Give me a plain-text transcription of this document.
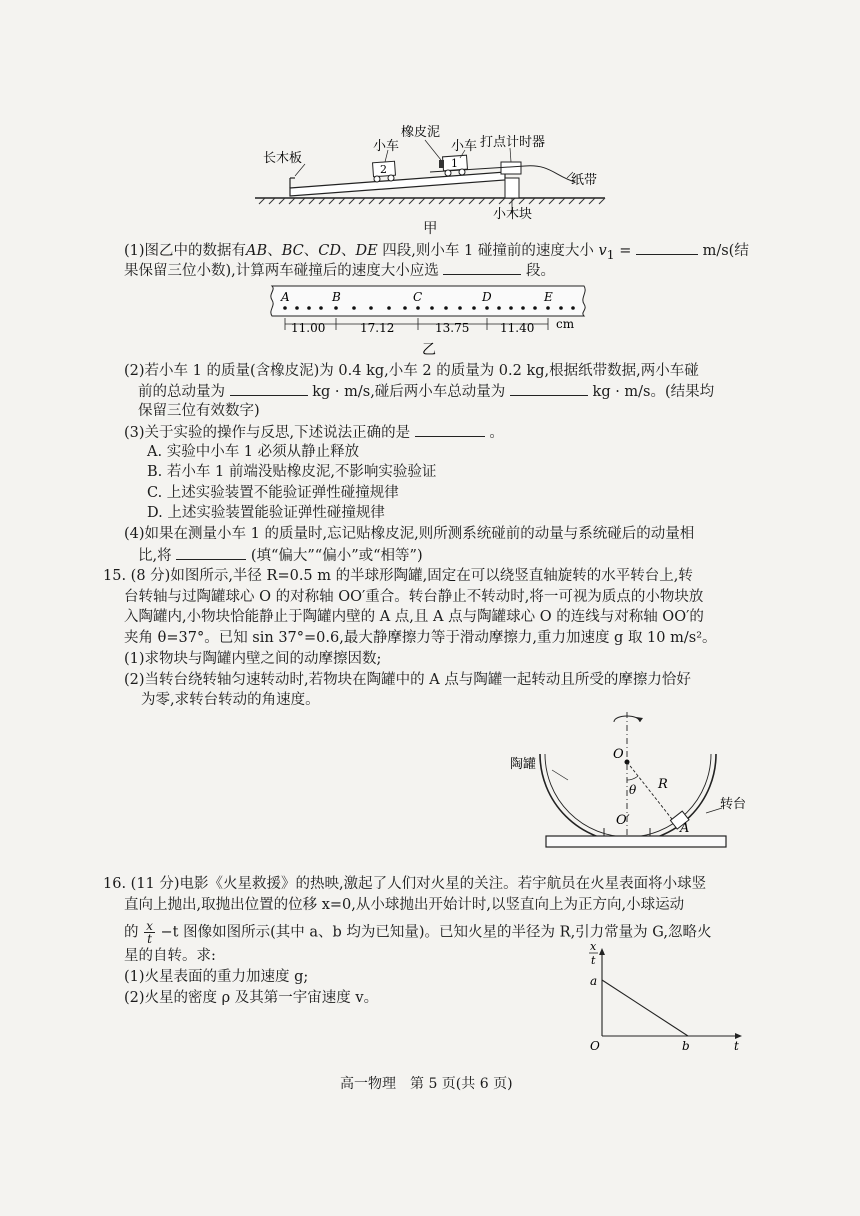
长木板
小车
橡皮泥
小车 打点计时器
纸带
小木块
2	1
甲
(1)图乙中的数据有AB、BC、CD、DE 四段,则小车 1 碰撞前的速度大小 $v_1$ =	m/s(结
果保留三位小数),计算两车碰撞后的速度大小应选	段。
A	B	C	D	E
11.00	17.12	13.75	11.40 cm
乙
(2)若小车 1 的质量(含橡皮泥)为 0.4 kg,小车 2 的质量为 0.2 kg,根据纸带数据,两小车碰
前的总动量为	kg · m/s,碰后两小车总动量为	kg · m/s。(结果均
保留三位有效数字)
(3)关于实验的操作与反思,下述说法正确的是	。
A. 实验中小车 1 必须从静止释放
B. 若小车 1 前端没贴橡皮泥,不影响实验验证
C. 上述实验装置不能验证弹性碰撞规律
D. 上述实验装置能验证弹性碰撞规律
(4)如果在测量小车 1 的质量时,忘记贴橡皮泥,则所测系统碰前的动量与系统碰后的动量相
比,将	(填“偏大”“偏小”或“相等”)
15. (8 分)如图所示,半径 R=0.5 m 的半球形陶罐,固定在可以绕竖直轴旋转的水平转台上,转
台转轴与过陶罐球心 O 的对称轴 OO′重合。转台静止不转动时,将一可视为质点的小物块放
入陶罐内,小物块恰能静止于陶罐内壁的 A 点,且 A 点与陶罐球心 O 的连线与对称轴 OO′的
夹角 θ=37°。已知 sin 37°=0.6,最大静摩擦力等于滑动摩擦力,重力加速度 g 取 10 m/s²。
(1)求物块与陶罐内壁之间的动摩擦因数;
(2)当转台绕转轴匀速转动时,若物块在陶罐中的 A 点与陶罐一起转动且所受的摩擦力恰好
为零,求转台转动的角速度。
O
θ R
陶罐
O′
A
转台
16. (11 分)电影《火星救援》的热映,激起了人们对火星的关注。若宇航员在火星表面将小球竖
直向上抛出,取抛出位置的位移 x=0,从小球抛出开始计时,以竖直向上为正方向,小球运动
的 $\frac{x}{t} -t$ 图像如图所示(其中 a、b 均为已知量)。已知火星的半径为 R,引力常量为 G,忽略火
星的自转。求:
(1)火星表面的重力加速度 g;
(2)火星的密度 ρ 及其第一宇宙速度 v。
x
t
a
O	b	t
高一物理　第 5 页(共 6 页)
